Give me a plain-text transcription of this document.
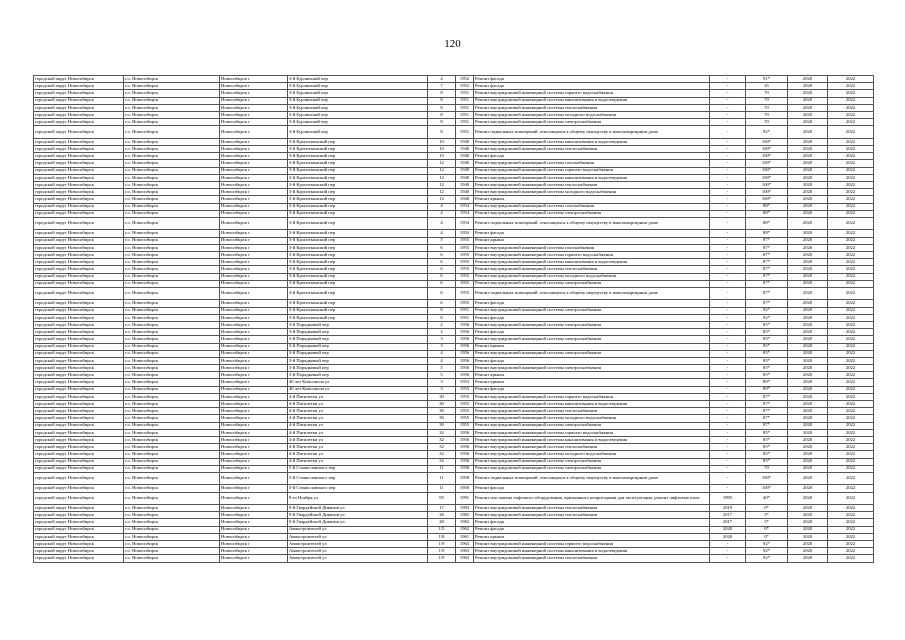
120
городской округ Новосибирск	г.о. Новосибирск	Новосибирск г	3-й Бурлинский пер	4	1952	Ремонт фасада	-	91*	2020	2022
городской округ Новосибирск	г.о. Новосибирск	Новосибирск г	3-й Бурлинский пер	7	1952	Ремонт фасада	-	25	2020	2022
городской округ Новосибирск	г.о. Новосибирск	Новосибирск г	3-й Бурлинский пер	8	1951	Ремонт внутридомовой инженерной системы горячего водоснабжения	-	70	2020	2022
городской округ Новосибирск	г.о. Новосибирск	Новосибирск г	3-й Бурлинский пер	8	1951	Ремонт внутридомовой инженерной системы канализования и водоотведения	-	70	2020	2022
городской округ Новосибирск	г.о. Новосибирск	Новосибирск г	3-й Бурлинский пер	8	1951	Ремонт внутридомовой инженерной системы теплоснабжения	-	70	2020	2022
городской округ Новосибирск	г.о. Новосибирск	Новосибирск г	3-й Бурлинский пер	8	1951	Ремонт внутридомовой инженерной системы холодного водоснабжения	-	70	2020	2022
городской округ Новосибирск	г.о. Новосибирск	Новосибирск г	3-й Бурлинский пер	8	1951	Ремонт внутридомовой инженерной системы электроснабжения	-	70	2020	2022
городской округ Новосибирск	г.о. Новосибирск	Новосибирск г	3-й Бурлинский пер	8	1951	Ремонт подвальных помещений, относящихся к общему имуществу в многоквартирном доме	-	92*	2020	2022
городской округ Новосибирск	г.о. Новосибирск	Новосибирск г	3-й Кропоткинский пер	10	1940	Ремонт внутридомовой инженерной системы канализования и водоотведения	-	100*	2020	2022
городской округ Новосибирск	г.о. Новосибирск	Новосибирск г	3-й Кропоткинский пер	10	1940	Ремонт внутридомовой инженерной системы теплоснабжения	-	100*	2020	2022
городской округ Новосибирск	г.о. Новосибирск	Новосибирск г	3-й Кропоткинский пер	10	1940	Ремонт фасада	-	100*	2020	2022
городской округ Новосибирск	г.о. Новосибирск	Новосибирск г	3-й Кропоткинский пер	12	1940	Ремонт внутридомовой инженерной системы газоснабжения	-	100*	2020	2022
городской округ Новосибирск	г.о. Новосибирск	Новосибирск г	3-й Кропоткинский пер	12	1940	Ремонт внутридомовой инженерной системы горячего водоснабжения	-	100*	2020	2022
городской округ Новосибирск	г.о. Новосибирск	Новосибирск г	3-й Кропоткинский пер	12	1940	Ремонт внутридомовой инженерной системы канализования и водоотведения	-	100*	2020	2022
городской округ Новосибирск	г.о. Новосибирск	Новосибирск г	3-й Кропоткинский пер	12	1940	Ремонт внутридомовой инженерной системы теплоснабжения	-	100*	2020	2022
городской округ Новосибирск	г.о. Новосибирск	Новосибирск г	3-й Кропоткинский пер	12	1940	Ремонт внутридомовой инженерной системы холодного водоснабжения	-	100*	2020	2022
городской округ Новосибирск	г.о. Новосибирск	Новосибирск г	3-й Кропоткинский пер	12	1940	Ремонт крыши	-	100*	2020	2022
городской округ Новосибирск	г.о. Новосибирск	Новосибирск г	3-й Кропоткинский пер	4	1954	Ремонт внутридомовой инженерной системы газоснабжения	-	88*	2020	2022
городской округ Новосибирск	г.о. Новосибирск	Новосибирск г	3-й Кропоткинский пер	4	1954	Ремонт внутридомовой инженерной системы электроснабжения	-	88*	2020	2022
городской округ Новосибирск	г.о. Новосибирск	Новосибирск г	3-й Кропоткинский пер	4	1954	Ремонт подвальных помещений, относящихся к общему имуществу в многоквартирном доме	-	88*	2020	2022
городской округ Новосибирск	г.о. Новосибирск	Новосибирск г	3-й Кропоткинский пер	4	1954	Ремонт фасада	-	88*	2020	2022
городской округ Новосибирск	г.о. Новосибирск	Новосибирск г	3-й Кропоткинский пер	5	1955	Ремонт крыши	-	87*	2020	2022
городской округ Новосибирск	г.о. Новосибирск	Новосибирск г	3-й Кропоткинский пер	6	1955	Ремонт внутридомовой инженерной системы газоснабжения	-	87*	2020	2022
городской округ Новосибирск	г.о. Новосибирск	Новосибирск г	3-й Кропоткинский пер	6	1955	Ремонт внутридомовой инженерной системы горячего водоснабжения	-	87*	2020	2022
городской округ Новосибирск	г.о. Новосибирск	Новосибирск г	3-й Кропоткинский пер	6	1955	Ремонт внутридомовой инженерной системы канализования и водоотведения	-	87*	2020	2022
городской округ Новосибирск	г.о. Новосибирск	Новосибирск г	3-й Кропоткинский пер	6	1955	Ремонт внутридомовой инженерной системы теплоснабжения	-	87*	2020	2022
городской округ Новосибирск	г.о. Новосибирск	Новосибирск г	3-й Кропоткинский пер	6	1955	Ремонт внутридомовой инженерной системы холодного водоснабжения	-	87*	2020	2022
городской округ Новосибирск	г.о. Новосибирск	Новосибирск г	3-й Кропоткинский пер	6	1955	Ремонт внутридомовой инженерной системы электроснабжения	-	87*	2020	2022
городской округ Новосибирск	г.о. Новосибирск	Новосибирск г	3-й Кропоткинский пер	6	1955	Ремонт подвальных помещений, относящихся к общему имуществу в многоквартирном доме	-	87*	2020	2022
городской округ Новосибирск	г.о. Новосибирск	Новосибирск г	3-й Кропоткинский пер	6	1955	Ремонт фасада	-	87*	2020	2022
городской округ Новосибирск	г.о. Новосибирск	Новосибирск г	3-й Кропоткинский пер	8	1951	Ремонт внутридомовой инженерной системы электроснабжения	-	92*	2020	2022
городской округ Новосибирск	г.о. Новосибирск	Новосибирск г	3-й Кропоткинский пер	8	1951	Ремонт фасада	-	92*	2020	2022
городской округ Новосибирск	г.о. Новосибирск	Новосибирск г	3-й Порядковый пер	2	1956	Ремонт внутридомовой инженерной системы электроснабжения	-	85*	2020	2022
городской округ Новосибирск	г.о. Новосибирск	Новосибирск г	3-й Порядковый пер	2	1956	Ремонт фасада	-	85*	2020	2022
городской округ Новосибирск	г.о. Новосибирск	Новосибирск г	3-й Порядковый пер	3	1956	Ремонт внутридомовой инженерной системы электроснабжения	-	85*	2020	2022
городской округ Новосибирск	г.о. Новосибирск	Новосибирск г	3-й Порядковый пер	3	1956	Ремонт крыши	-	85*	2020	2022
городской округ Новосибирск	г.о. Новосибирск	Новосибирск г	3-й Порядковый пер	4	1956	Ремонт внутридомовой инженерной системы электроснабжения	-	85*	2020	2022
городской округ Новосибирск	г.о. Новосибирск	Новосибирск г	3-й Порядковый пер	4	1956	Ремонт фасада	-	85*	2020	2022
городской округ Новосибирск	г.о. Новосибирск	Новосибирск г	3-й Порядковый пер	5	1956	Ремонт внутридомовой инженерной системы электроснабжения	-	85*	2020	2022
городской округ Новосибирск	г.о. Новосибирск	Новосибирск г	3-й Порядковый пер	5	1956	Ремонт крыши	-	85*	2020	2022
городской округ Новосибирск	г.о. Новосибирск	Новосибирск г	40 лет Комсомола ул	3	1953	Ремонт крыши	-	89*	2020	2022
городской округ Новосибирск	г.о. Новосибирск	Новосибирск г	40 лет Комсомола ул	3	1953	Ремонт фасада	-	89*	2020	2022
городской округ Новосибирск	г.о. Новосибирск	Новосибирск г	4-й Пятилетки ул	30	1955	Ремонт внутридомовой инженерной системы горячего водоснабжения	-	87*	2020	2022
городской округ Новосибирск	г.о. Новосибирск	Новосибирск г	4-й Пятилетки ул	30	1955	Ремонт внутридомовой инженерной системы канализования и водоотведения	-	87*	2020	2022
городской округ Новосибирск	г.о. Новосибирск	Новосибирск г	4-й Пятилетки ул	30	1955	Ремонт внутридомовой инженерной системы теплоснабжения	-	87*	2020	2022
городской округ Новосибирск	г.о. Новосибирск	Новосибирск г	4-й Пятилетки ул	30	1955	Ремонт внутридомовой инженерной системы холодного водоснабжения	-	87*	2020	2022
городской округ Новосибирск	г.о. Новосибирск	Новосибирск г	4-й Пятилетки ул	30	1955	Ремонт внутридомовой инженерной системы электроснабжения	-	87*	2020	2022
городской округ Новосибирск	г.о. Новосибирск	Новосибирск г	4-й Пятилетки ул	32	1956	Ремонт внутридомовой инженерной системы горячего водоснабжения	-	85*	2020	2022
городской округ Новосибирск	г.о. Новосибирск	Новосибирск г	4-й Пятилетки ул	32	1956	Ремонт внутридомовой инженерной системы канализования и водоотведения	-	85*	2020	2022
городской округ Новосибирск	г.о. Новосибирск	Новосибирск г	4-й Пятилетки ул	32	1956	Ремонт внутридомовой инженерной системы теплоснабжения	-	85*	2020	2022
городской округ Новосибирск	г.о. Новосибирск	Новосибирск г	4-й Пятилетки ул	32	1956	Ремонт внутридомовой инженерной системы холодного водоснабжения	-	85*	2020	2022
городской округ Новосибирск	г.о. Новосибирск	Новосибирск г	4-й Пятилетки ул	32	1956	Ремонт внутридомовой инженерной системы электроснабжения	-	85*	2020	2022
городской округ Новосибирск	г.о. Новосибирск	Новосибирск г	5-й Станиславского пер	11	1958	Ремонт внутридомовой инженерной системы электроснабжения	-	70	2020	2022
городской округ Новосибирск	г.о. Новосибирск	Новосибирск г	5-й Станиславского пер	11	1958	Ремонт подвальных помещений, относящихся к общему имуществу в многоквартирном доме	-	100*	2020	2022
городской округ Новосибирск	г.о. Новосибирск	Новосибирск г	5-й Станиславского пер	11	1958	Ремонт фасада	-	100*	2020	2022
городской округ Новосибирск	г.о. Новосибирск	Новосибирск г	9-го Ноября ул	95	1991	Ремонт или замена лифтового оборудования, признанного непригодным для эксплуатации, ремонт лифтовых шахт	1995	40*	2020	2022
городской округ Новосибирск	г.о. Новосибирск	Новосибирск г	9-й Гвардейской Дивизии ул	17	1983	Ремонт внутридомовой инженерной системы теплоснабжения	2019	0*	2020	2022
городской округ Новосибирск	г.о. Новосибирск	Новосибирск г	9-й Гвардейской Дивизии ул	26	1982	Ремонт внутридомовой инженерной системы теплоснабжения	2017	3*	2020	2022
городской округ Новосибирск	г.о. Новосибирск	Новосибирск г	9-й Гвардейской Дивизии ул	28	1982	Ремонт фасада	2017	3*	2020	2022
городской округ Новосибирск	г.о. Новосибирск	Новосибирск г	Авиастроителей ул	1/5	1962	Ремонт фасада	2020	0*	2020	2022
городской округ Новосибирск	г.о. Новосибирск	Новосибирск г	Авиастроителей ул	1/8	1961	Ремонт крыши	2020	0*	2020	2022
городской округ Новосибирск	г.о. Новосибирск	Новосибирск г	Авиастроителей ул	1/9	1963	Ремонт внутридомовой инженерной системы горячего водоснабжения	-	92*	2020	2022
городской округ Новосибирск	г.о. Новосибирск	Новосибирск г	Авиастроителей ул	1/9	1963	Ремонт внутридомовой инженерной системы канализования и водоотведения	-	92*	2020	2022
городской округ Новосибирск	г.о. Новосибирск	Новосибирск г	Авиастроителей ул	1/9	1963	Ремонт внутридомовой инженерной системы теплоснабжения	-	92*	2020	2022
